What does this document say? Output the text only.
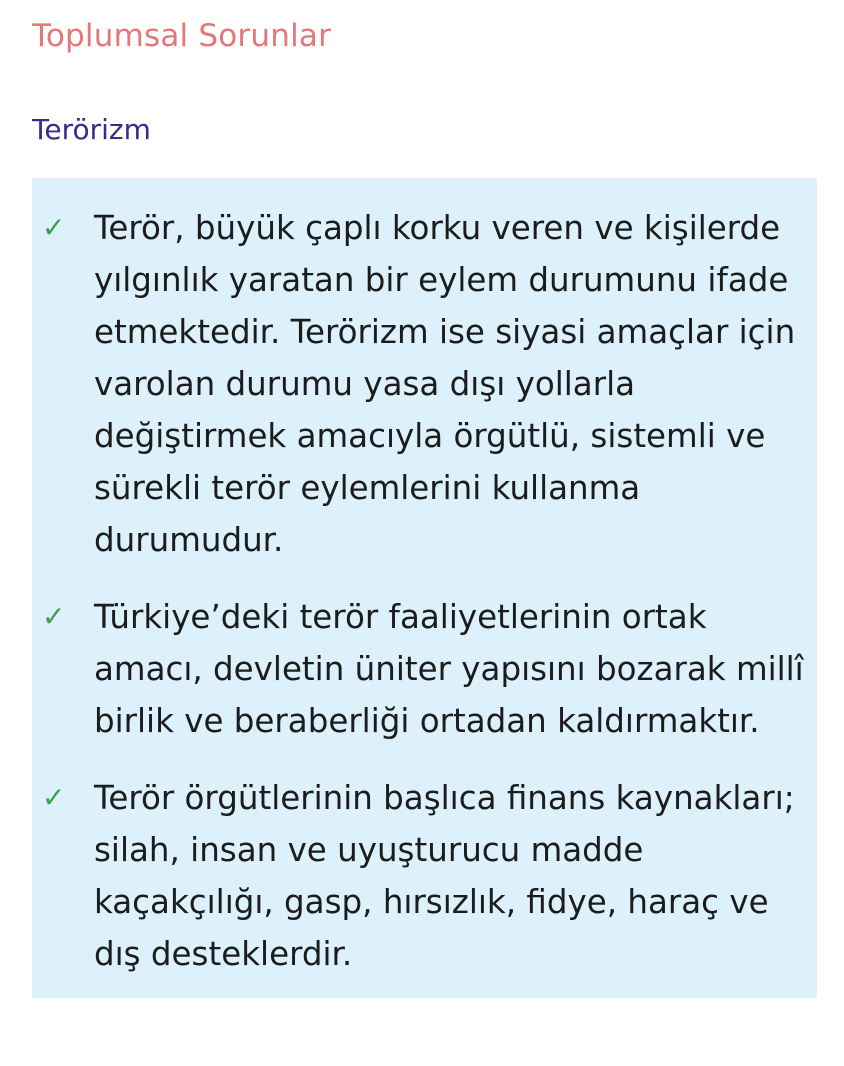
Toplumsal Sorunlar
Terörizm
✓ Terör, büyük çaplı korku veren ve kişilerde yılgınlık yaratan bir eylem durumunu ifade etmektedir. Terörizm ise siyasi amaçlar için varolan durumu yasa dışı yollarla değiştirmek amacıyla örgütlü, sistemli ve sürekli terör eylemlerini kullanma durumudur.
✓ Türkiye’deki terör faaliyetlerinin ortak amacı, devletin üniter yapısını bozarak millî birlik ve beraberliği ortadan kaldırmaktır.
✓ Terör örgütlerinin başlıca finans kaynakları; silah, insan ve uyuşturucu madde kaçakçılığı, gasp, hırsızlık, fidye, haraç ve dış desteklerdir.
